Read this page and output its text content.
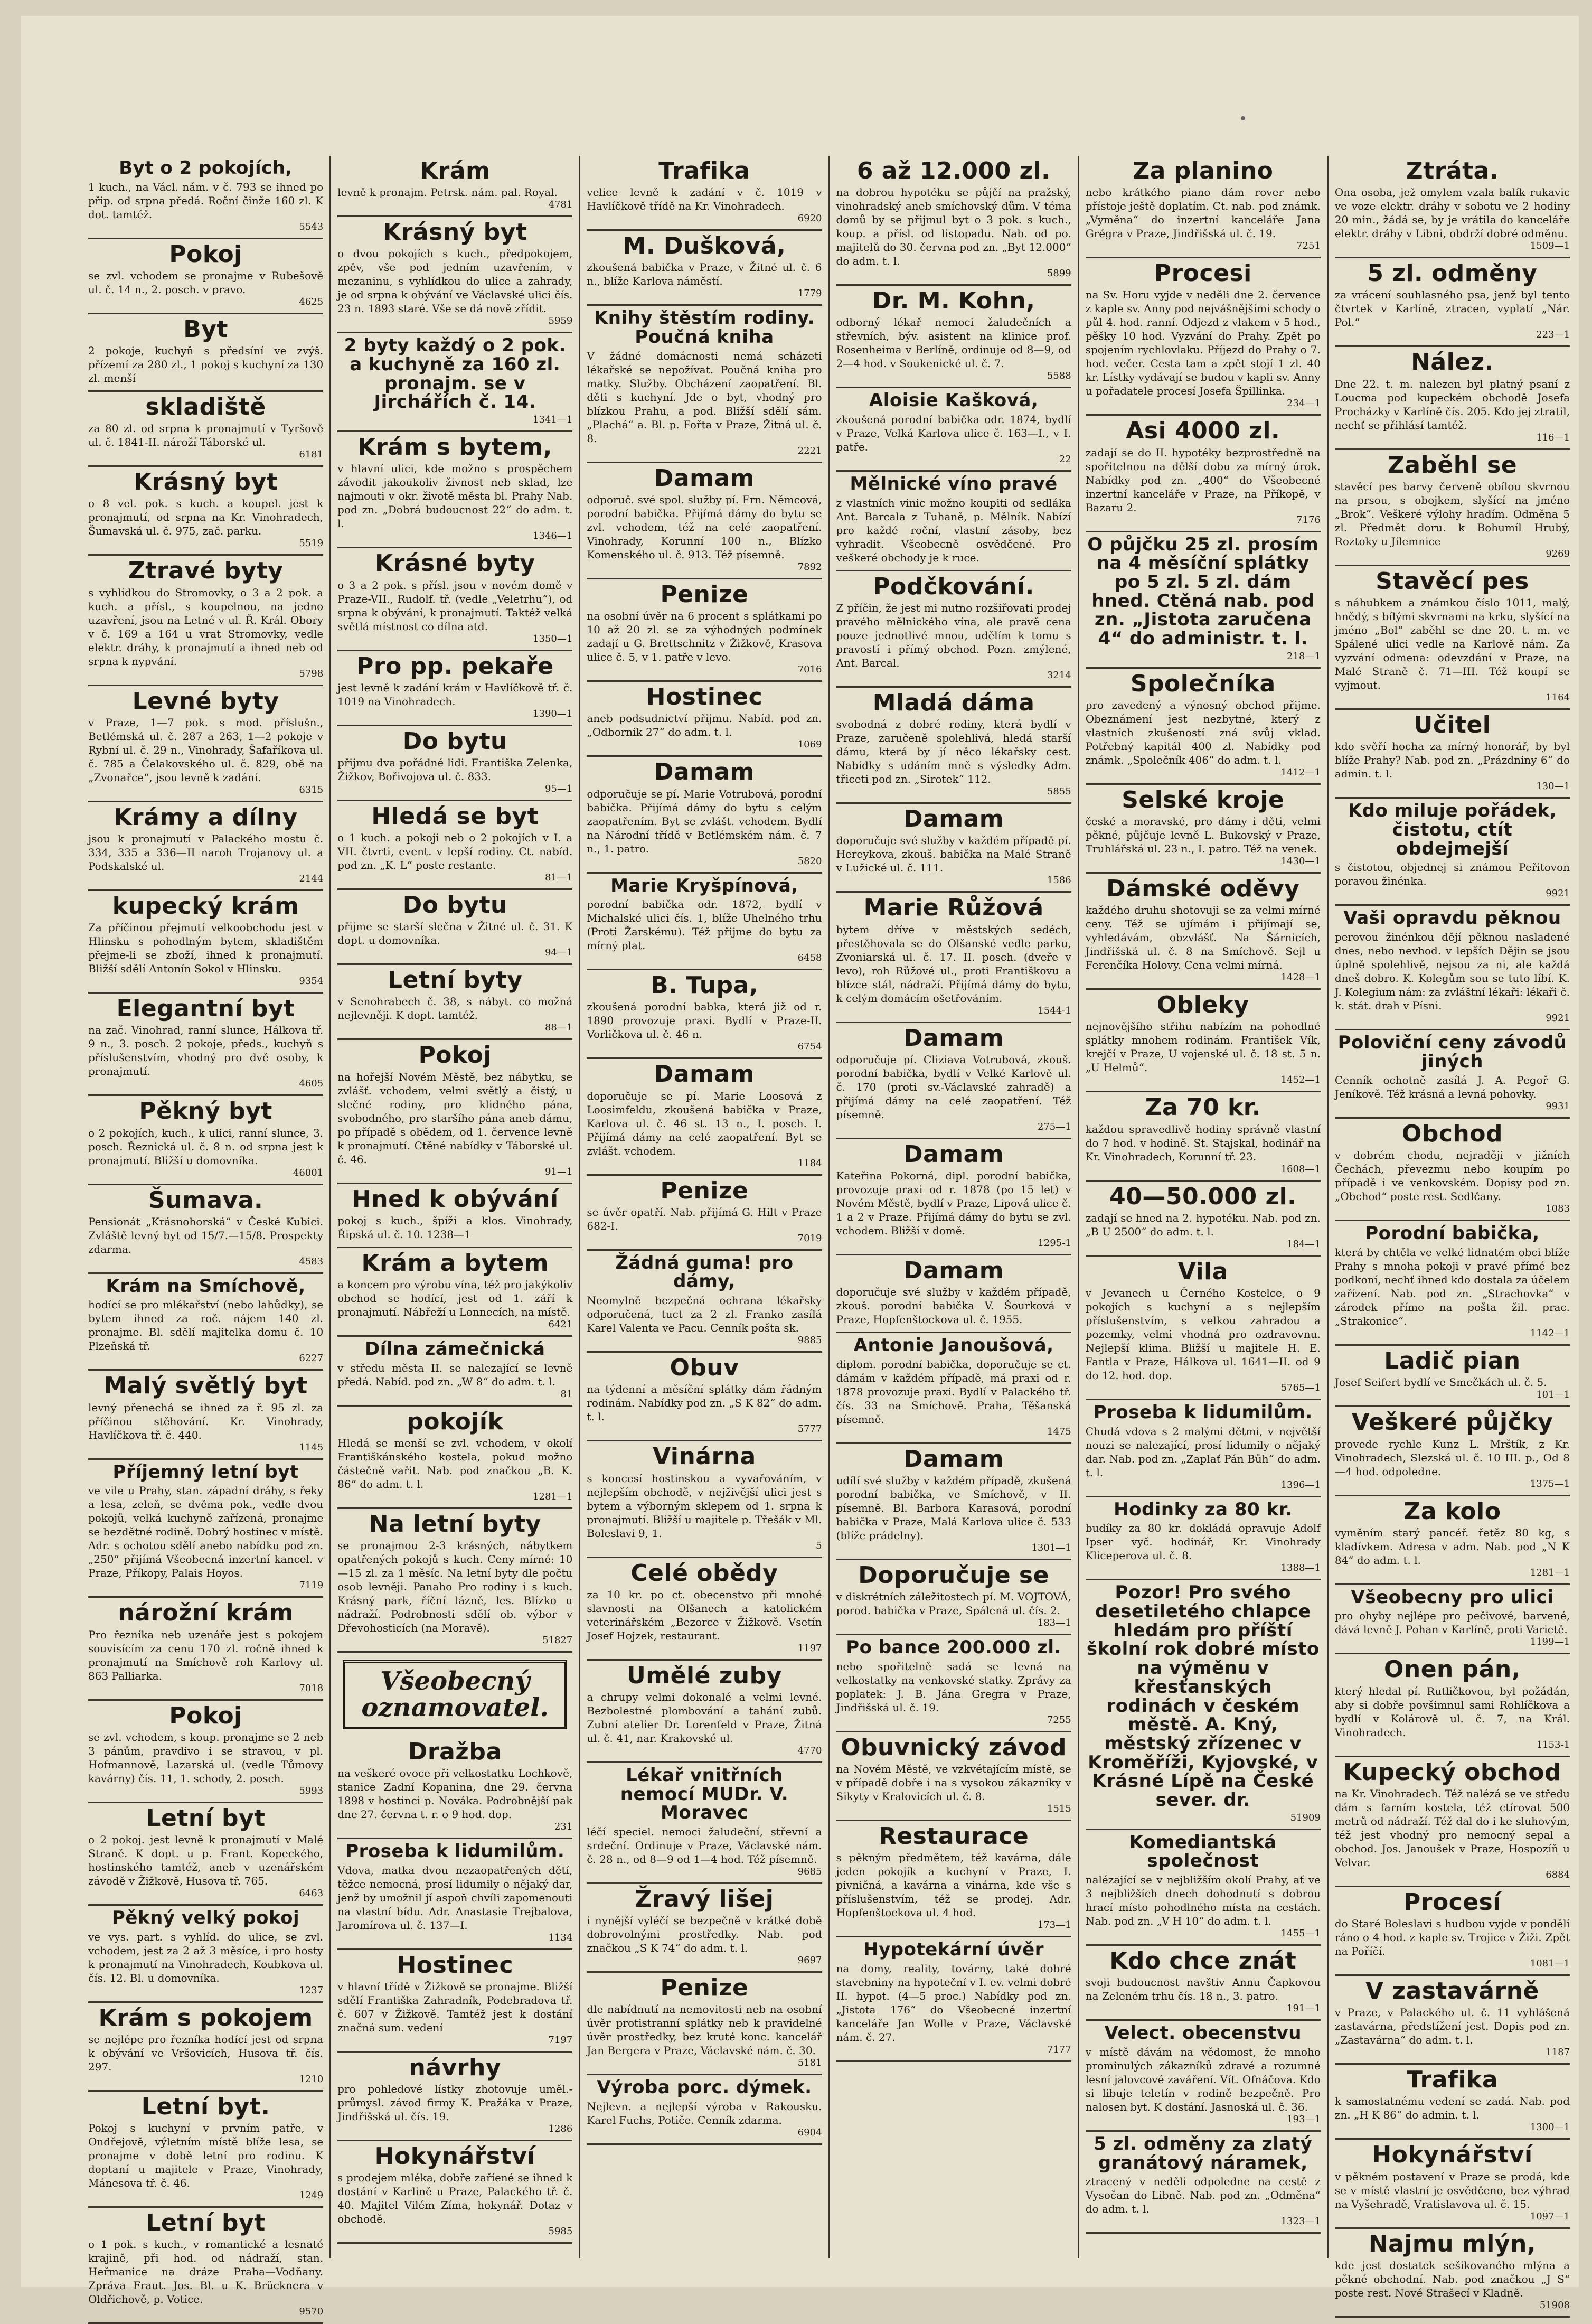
Byt o 2 pokojích,
1 kuch., na Václ. nám. v č. 793 se ihned po přip. od srpna předá. Roční činže 160 zl. K dot. tamtéž.
5543
Pokoj
se zvl. vchodem se pronajme v Rubešově ul. č. 14 n., 2. posch. v pravo.
4625
Byt
2 pokoje, kuchyň s předsíní ve zvýš. přízemí za 280 zl., 1 pokoj s kuchyní za 130 zl. menší
skladiště
za 80 zl. od srpna k pronajmutí v Tyršově ul. č. 1841-II. nároží Táborské ul.
6181
Krásný byt
o 8 vel. pok. s kuch. a koupel. jest k pronajmutí, od srpna na Kr. Vinohradech, Šumavská ul. č. 975, zač. parku.
5519
Ztravé byty
s vyhlídkou do Stromovky, o 3 a 2 pok. a kuch. a přísl., s koupelnou, na jedno uzavření, jsou na Letné v ul. Ř. Král. Obory v č. 169 a 164 u vrat Stromovky, vedle elektr. dráhy, k pronajmutí a ihned neb od srpna k nypvání.
5798
Levné byty
v Praze, 1—7 pok. s mod. příslušn., Betlémská ul. č. 287 a 263, 1—2 pokoje v Rybní ul. č. 29 n., Vinohrady, Šafaříkova ul. č. 785 a Čelakovského ul. č. 829, obě na „Zvonařce“, jsou levně k zadání.
6315
Krámy a dílny
jsou k pronajmutí v Palackého mostu č. 334, 335 a 336—II naroh Trojanovy ul. a Podskalské ul.
2144
kupecký krám
Za příčinou přejmutí velkoobchodu jest v Hlinsku s pohodlným bytem, skladištěm přejme-li se zboží, ihned k pronajmutí. Bližší sdělí Antonín Sokol v Hlinsku.
9354
Elegantní byt
na zač. Vinohrad, ranní slunce, Hálkova tř. 9 n., 3. posch. 2 pokoje, předs., kuchyň s příslušenstvím, vhodný pro dvě osoby, k pronajmutí.
4605
Pěkný byt
o 2 pokojích, kuch., k ulici, ranní slunce, 3. posch. Řeznická ul. č. 8 n. od srpna jest k pronajmutí. Bližší u domovníka.
46001
Šumava.
Pensionát „Krásnohorská“ v České Kubici. Zvláště levný byt od 15/7.—15/8. Prospekty zdarma.
4583
Krám na Smíchově,
hodící se pro mlékařství (nebo lahůdky), se bytem ihned za roč. nájem 140 zl. pronajme. Bl. sdělí majitelka domu č. 10 Plzeňská tř.
6227
Malý světlý byt
levný přenechá se ihned za ř. 95 zl. za příčinou stěhování. Kr. Vinohrady, Havlíčkova tř. č. 440.
1145
Příjemný letní byt
ve vile u Prahy, stan. západní dráhy, s řeky a lesa, zeleň, se dvěma pok., vedle dvou pokojů, velká kuchyně zařízená, pronajme se bezdětné rodině. Dobrý hostinec v místě. Adr. s ochotou sdělí anebo nabídku pod zn. „250“ přijímá Všeobecná inzertní kancel. v Praze, Příkopy, Palais Hoyos.
7119
nárožní krám
Pro řezníka neb uzenáře jest s pokojem souvisícím za cenu 170 zl. ročně ihned k pronajmutí na Smíchově roh Karlovy ul. 863 Palliarka.
7018
Pokoj
se zvl. vchodem, s koup. pronajme se 2 neb 3 pánům, pravdivo i se stravou, v pl. Hofmannově, Lazarská ul. (vedle Tůmovy kavárny) čís. 11, 1. schody, 2. posch.
5993
Letní byt
o 2 pokoj. jest levně k pronajmutí v Malé Straně. K dopt. u p. Frant. Kopeckého, hostinského tamtéž, aneb v uzenářském závodě v Žižkově, Husova tř. 765.
6463
Pěkný velký pokoj
ve vys. part. s vyhlíd. do ulice, se zvl. vchodem, jest za 2 až 3 měsíce, i pro hosty k pronajmutí na Vinohradech, Koubkova ul. čís. 12. Bl. u domovníka.
1237
Krám s pokojem
se nejlépe pro řezníka hodící jest od srpna k obývání ve Vršovicích, Husova tř. čís. 297.
1210
Letní byt.
Pokoj s kuchyní v prvním patře, v Ondřejově, výletním místě blíže lesa, se pronajme v době letní pro rodinu. K doptaní u majitele v Praze, Vinohrady, Mánesova tř. č. 46.
1249
Letní byt
o 1 pok. s kuch., v romantické a lesnaté krajině, při hod. od nádraží, stan. Heřmanice na dráze Praha—Vodňany. Zpráva Fraut. Jos. Bl. u K. Brücknera v Oldřichově, p. Votice.
9570
Krám
levně k pronajm. Petrsk. nám. pal. Royal.
4781
Krásný byt
o dvou pokojích s kuch., předpokojem, zpěv, vše pod jedním uzavřením, v mezaninu, s vyhlídkou do ulice a zahrady, je od srpna k obývání ve Václavské ulici čís. 23 n. 1893 staré. Vše se dá nově zřídit.
5959
2 byty každý o 2 pok. a kuchyně za 160 zl. pronajm. se v Jirchářích č. 14.
1341—1
Krám s bytem,
v hlavní ulici, kde možno s prospěchem závodit jakoukoliv živnost neb sklad, lze najmouti v okr. životě města bl. Prahy Nab. pod zn. „Dobrá budoucnost 22“ do adm. t. l.
1346—1
Krásné byty
o 3 a 2 pok. s přísl. jsou v novém domě v Praze-VII., Rudolf. tř. (vedle „Veletrhu“), od srpna k obývání, k pronajmutí. Taktéž velká světlá místnost co dílna atd.
1350—1
Pro pp. pekaře
jest levně k zadání krám v Havlíčkově tř. č. 1019 na Vinohradech.
1390—1
Do bytu
přijmu dva pořádné lidi. Františka Zelenka, Žižkov, Bořivojova ul. č. 833.
95—1
Hledá se byt
o 1 kuch. a pokoji neb o 2 pokojích v I. a VII. čtvrti, event. v lepší rodiny. Ct. nabíd. pod zn. „K. L“ poste restante.
81—1
Do bytu
přijme se starší slečna v Žitné ul. č. 31. K dopt. u domovníka.
94—1
Letní byty
v Senohrabech č. 38, s nábyt. co možná nejlevněji. K dopt. tamtéž.
88—1
Pokoj
na hořejší Novém Městě, bez nábytku, se zvlášť. vchodem, velmi světlý a čistý, u slečné rodiny, pro klidného pána, svobodného, pro staršího pána aneb dámu, po případě s obědem, od 1. července levně k pronajmutí. Ctěné nabídky v Táborské ul. č. 46.
91—1
Hned k obývání
pokoj s kuch., špíži a klos. Vinohrady, Řipská ul. č. 10. 1238—1
Krám a bytem
a koncem pro výrobu vína, též pro jakýkoliv obchod se hodící, jest od 1. září k pronajmutí. Nábřeží u Lonnecích, na místě.
6421
Dílna zámečnická
v středu města II. se nalezající se levně předá. Nabíd. pod zn. „W 8“ do adm. t. l.
81
pokojík
Hledá se menší se zvl. vchodem, v okolí Františkánského kostela, pokud možno částečně vařit. Nab. pod značkou „B. K. 86“ do adm. t. l.
1281—1
Na letní byty
se pronajmou 2-3 krásných, nábytkem opatřených pokojů s kuch. Ceny mírné: 10—15 zl. za 1 měsíc. Na letní byty dle počtu osob levněji. Panaho Pro rodiny i s kuch. Krásný park, říční lázně, les. Blízko u nádraží. Podrobnosti sdělí ob. výbor v Dřevohosticích (na Moravě).
51827
Všeobecný oznamovatel.
Dražba
na veškeré ovoce při velkostatku Lochkově, stanice Zadní Kopanina, dne 29. června 1898 v hostinci p. Nováka. Podrobnější pak dne 27. června t. r. o 9 hod. dop.
231
Proseba k lidumilům.
Vdova, matka dvou nezaopatřených dětí, těžce nemocná, prosí lidumily o nějaký dar, jenž by umožnil jí aspoň chvíli zapomenouti na vlastní bídu. Adr. Anastasie Trejbalova, Jaromírova ul. č. 137—I.
1134
Hostinec
v hlavní třídě v Žižkově se pronajme. Bližší sdělí Františka Zahradník, Podebradova tř. č. 607 v Žižkově. Tamtéž jest k dostání značná sum. vedení
7197
návrhy
pro pohledové lístky zhotovuje uměl.-průmysl. závod firmy K. Pražáka v Praze, Jindřišská ul. čís. 19.
1286
Hokynářství
s prodejem mléka, dobře zaříené se ihned k dostání v Karlině u Praze, Palackého tř. č. 40. Majitel Vilém Zíma, hokynář. Dotaz v obchodě.
5985
Trafika
velice levně k zadání v č. 1019 v Havlíčkově třídě na Kr. Vinohradech.
6920
M. Dušková,
zkoušená babička v Praze, v Žitné ul. č. 6 n., blíže Karlova náměstí.
1779
Knihy štěstím rodiny. Poučná kniha
V žádné domácnosti nemá scházeti lékařské se nepožívat. Poučná kniha pro matky. Služby. Obcházení zaopatření. Bl. děti s kuchyní. Jde o byt, vhodný pro blízkou Prahu, a pod. Bližší sdělí sám. „Plachá“ a. Bl. p. Fořta v Praze, Žitná ul. č. 8.
2221
Damam
odporuč. své spol. služby pí. Frn. Němcová, porodní babička. Přijímá dámy do bytu se zvl. vchodem, též na celé zaopatření. Vinohrady, Korunní 100 n., Blízko Komenského ul. č. 913. Též písemně.
7892
Penize
na osobní úvěr na 6 procent s splátkami po 10 až 20 zl. se za výhodných podmínek zadají u G. Brettschnitz v Žižkově, Krasova ulice č. 5, v 1. patře v levo.
7016
Hostinec
aneb podsudnictví přijmu. Nabíd. pod zn. „Odbornik 27“ do adm. t. l.
1069
Damam
odporučuje se pí. Marie Votrubová, porodní babička. Přijímá dámy do bytu s celým zaopatřením. Byt se zvlášt. vchodem. Bydlí na Národní třídě v Betlémském nám. č. 7 n., 1. patro.
5820
Marie Kryšpínová,
porodní babička odr. 1872, bydlí v Michalské ulici čís. 1, blíže Uhelného trhu (Proti Žarskému). Též přijme do bytu za mírný plat.
6458
B. Tupa,
zkoušená porodní babka, která již od r. 1890 provozuje praxi. Bydlí v Praze-II. Vorličkova ul. č. 46 n.
6754
Damam
doporučuje se pí. Marie Loosová z Loosimfeldu, zkoušená babička v Praze, Karlova ul. č. 46 st. 13 n., I. posch. I. Přijímá dámy na celé zaopatření. Byt se zvlášt. vchodem.
1184
Penize
se úvěr opatří. Nab. přijímá G. Hilt v Praze 682-I.
7019
Žádná guma! pro dámy,
Neomylně bezpečná ochrana lékařsky odporučená, tuct za 2 zl. Franko zasílá Karel Valenta ve Pacu. Cenník pošta sk.
9885
Obuv
na týdenní a měsíční splátky dám řádným rodinám. Nabídky pod zn. „S K 82“ do adm. t. l.
5777
Vinárna
s koncesí hostinskou a vyvařováním, v nejlepším obchodě, v nejživější ulici jest s bytem a výborným sklepem od 1. srpna k pronajmutí. Bližší u majitele p. Třešák v Ml. Boleslavi 9, 1.
5
Celé obědy
za 10 kr. po ct. obecenstvo při mnohé slavnosti na Olšanech a katolickém veterinářském „Bezorce v Žižkově. Vsetín Josef Hojzek, restaurant.
1197
Umělé zuby
a chrupy velmi dokonalé a velmi levné. Bezbolestné plombování a tahání zubů. Zubní atelier Dr. Lorenfeld v Praze, Žitná ul. č. 41, nar. Krakovské ul.
4770
Lékař vnitřních nemocí MUDr. V. Moravec
léčí speciel. nemoci žaludeční, střevní a srdeční. Ordinuje v Praze, Václavské nám. č. 28 n., od 8—9 od 1—4 hod. Též písemně.
9685
Žravý lišej
i nynější vyléčí se bezpečně v krátké době dobrovolnými prostředky. Nab. pod značkou „S K 74“ do adm. t. l.
9697
Penize
dle nabídnutí na nemovitosti neb na osobní úvěr protistranní splátky neb k pravidelné úvěr prostředky, bez kruté konc. kancelář Jan Bergera v Praze, Václavské nám. č. 30.
5181
Výroba porc. dýmek.
Nejlevn. a nejlepší výroba v Rakousku. Karel Fuchs, Potiče. Cenník zdarma.
6904
6 až 12.000 zl.
na dobrou hypotéku se půjčí na pražský, vinohradský aneb smíchovský dům. V téma domů by se přijmul byt o 3 pok. s kuch., koup. a přísl. od listopadu. Nab. od po. majitelů do 30. června pod zn. „Byt 12.000“ do adm. t. l.
5899
Dr. M. Kohn,
odborný lékař nemoci žaludečních a střevních, býv. asistent na klinice prof. Rosenheima v Berlíně, ordinuje od 8—9, od 2—4 hod. v Soukenické ul. č. 7.
5588
Aloisie Kašková,
zkoušená porodní babička odr. 1874, bydlí v Praze, Velká Karlova ulice č. 163—I., v I. patře.
22
Mělnické víno pravé
z vlastních vinic možno koupiti od sedláka Ant. Barcala z Tuhaně, p. Mělník. Nabízí pro každé roční, vlastní zásoby, bez vyhradit. Všeobecně osvědčené. Pro veškeré obchody je k ruce.
Podčkování.
Z příčin, že jest mi nutno rozšiřovati prodej pravého mělnického vína, ale pravě cena pouze jednotlivé mnou, udělím k tomu s pravostí i přímý obchod. Pozn. zmýlené, Ant. Barcal.
3214
Mladá dáma
svobodná z dobré rodiny, která bydlí v Praze, zaručeně spolehlivá, hledá starší dámu, která by jí něco lékařsky cest. Nabídky s udáním mně s výsledky Adm. třiceti pod zn. „Sirotek“ 112.
5855
Damam
doporučuje své služby v každém případě pí. Hereykova, zkouš. babička na Malé Straně v Lužické ul. č. 111.
1586
Marie Růžová
bytem dříve v městských sedéch, přestěhovala se do Olšanské vedle parku, Zvoniarská ul. č. 17. II. posch. (dveře v levo), roh Růžové ul., proti Františkovu a blízce stál, nádraží. Přijímá dámy do bytu, k celým domácím ošetřováním.
1544-1
Damam
odporučuje pí. Cliziava Votrubová, zkouš. porodní babička, bydlí v Velké Karlově ul. č. 170 (proti sv.-Václavské zahradě) a přijímá dámy na celé zaopatření. Též písemně.
275—1
Damam
Kateřina Pokorná, dipl. porodní babička, provozuje praxi od r. 1878 (po 15 let) v Novém Městě, bydlí v Praze, Lipová ulice č. 1 a 2 v Praze. Přijímá dámy do bytu se zvl. vchodem. Bližší v domě.
1295-1
Damam
doporučuje své služby v každém případě, zkouš. porodní babička V. Šourková v Praze, Hopfenštockova ul. č. 1955.
Antonie Janoušová,
diplom. porodní babička, doporučuje se ct. dámám v každém případě, má praxi od r. 1878 provozuje praxi. Bydlí v Palackého tř. čís. 33 na Smíchově. Praha, Těšanská písemně.
1475
Damam
udílí své služby v každém případě, zkušená porodní babička, ve Smíchově, v II. písemně. Bl. Barbora Karasová, porodní babička v Praze, Malá Karlova ulice č. 533 (blíže prádelny).
1301—1
Doporučuje se
v diskrétních záležitostech pí. M. VOJTOVÁ, porod. babička v Praze, Spálená ul. čís. 2.
183—1
Po bance 200.000 zl.
nebo spořitelně sadá se levná na velkostatky na venkovské statky. Zprávy za poplatek: J. B. Jána Gregra v Praze, Jindřišská ul. č. 19.
7255
Obuvnický závod
na Novém Městě, ve vzkvétajícím místě, se v případě dobře i na s vysokou zákazníky v Sikyty v Kralovicích ul. č. 8.
1515
Restaurace
s pěkným předmětem, též kavárna, dále jeden pokojík a kuchyní v Praze, I. pivničná, a kavárna a vinárna, kde vše s příslušenstvím, též se prodej. Adr. Hopfenštockova ul. 4 hod.
173—1
Hypotekární úvěr
na domy, reality, továrny, také dobré stavebniny na hypoteční v I. ev. velmi dobré II. hypot. (4—5 proc.) Nabídky pod zn. „Jistota 176“ do Všeobecné inzertní kanceláře Jan Wolle v Praze, Václavské nám. č. 27.
7177
Za planino
nebo krátkého piano dám rover nebo přístoje ještě doplatím. Ct. nab. pod známk. „Vyměna“ do inzertní kanceláře Jana Grégra v Praze, Jindřišská ul. č. 19.
7251
Procesi
na Sv. Horu vyjde v neděli dne 2. července z kaple sv. Anny pod nejvášnějšími schody o půl 4. hod. ranní. Odjezd z vlakem v 5 hod., pěšky 10 hod. Vyzvání do Prahy. Zpět po spojením rychlovlaku. Příjezd do Prahy o 7. hod. večer. Cesta tam a zpět stojí 1 zl. 40 kr. Lístky vydávají se budou v kapli sv. Anny u pořadatele procesí Josefa Špillinka.
234—1
Asi 4000 zl.
zadají se do II. hypotéky bezprostředně na spořitelnou na dělší dobu za mírný úrok. Nabídky pod zn. „400“ do Všeobecné inzertní kanceláře v Praze, na Příkopě, v Bazaru 2.
7176
O půjčku 25 zl. prosím na 4 měsíční splátky po 5 zl. 5 zl. dám hned. Ctěná nab. pod zn. „Jistota zaručena 4“ do administr. t. l.
218—1
Společníka
pro zavedený a výnosný obchod přijme. Obeznámení jest nezbytné, který z vlastních zkušeností zná svůj vklad. Potřebný kapitál 400 zl. Nabídky pod známk. „Společník 406“ do adm. t. l.
1412—1
Selské kroje
české a moravské, pro dámy i děti, velmi pěkné, půjčuje levně L. Bukovský v Praze, Truhlářská ul. 23 n., I. patro. Též na venek.
1430—1
Dámské oděvy
každého druhu shotovuji se za velmi mírné ceny. Též se ujímám i přijímají se, vyhledávám, obzvlášť. Na Šárnicích, Jindřišská ul. č. 8 na Smíchově. Sejl u Ferenčíka Holovy. Cena velmi mírná.
1428—1
Obleky
nejnovějšího střihu nabízím na pohodlné splátky mnohem rodinám. František Vík, krejčí v Praze, U vojenské ul. č. 18 st. 5 n. „U Helmů“.
1452—1
Za 70 kr.
každou spravedlivě hodiny správně vlastní do 7 hod. v hodině. St. Stajskal, hodinář na Kr. Vinohradech, Korunní tř. 23.
1608—1
40—50.000 zl.
zadají se hned na 2. hypotéku. Nab. pod zn. „B U 2500“ do adm. t. l.
184—1
Vila
v Jevanech u Černého Kostelce, o 9 pokojích s kuchyní a s nejlepším příslušenstvím, s velkou zahradou a pozemky, velmi vhodná pro ozdravovnu. Nejlepší klima. Bližší u majitele H. E. Fantla v Praze, Hálkova ul. 1641—II. od 9 do 12. hod. dop.
5765—1
Proseba k lidumilům.
Chudá vdova s 2 malými dětmi, v největší nouzi se nalezající, prosí lidumily o nějaký dar. Nab. pod zn. „Zaplať Pán Bůh“ do adm. t. l.
1396—1
Hodinky za 80 kr.
budíky za 80 kr. dokládá opravuje Adolf Ipser vyč. hodinář, Kr. Vinohrady Kliceperova ul. č. 8.
1388—1
Pozor! Pro svého desetiletého chlapce hledám pro příští školní rok dobré místo na výměnu v křesťanských rodinách v českém městě. A. Kný, městský zřízenec v Kroměříži, Kyjovské, v Krásné Lípě na České sever. dr.
51909
Komediantská společnost
nalézající se v nejbližším okolí Prahy, ať ve 3 nejbližších dnech dohodnutí s dobrou hrací místo pohodlného místa na cestách. Nab. pod zn. „V H 10“ do adm. t. l.
1455—1
Kdo chce znát
svoji budoucnost navštiv Annu Čapkovou na Zeleném trhu čís. 18 n., 3. patro.
191—1
Velect. obecenstvu
v místě dávám na vědomost, že mnoho prominulých zákazníků zdravé a rozumné lesní jalovcové zaváření. Vít. Ofnáčova. Kdo si libuje teletín v rodině bezpečně. Pro nalosen byt. K dostání. Jasnoská ul. č. 36.
193—1
5 zl. odměny za zlatý granátový náramek,
ztracený v neděli odpoledne na cestě z Vysočan do Libně. Nab. pod zn. „Odměna“ do adm. t. l.
1323—1
Ztráta.
Ona osoba, jež omylem vzala balík rukavic ve voze elektr. dráhy v sobotu ve 2 hodiny 20 min., žádá se, by je vrátila do kanceláře elektr. dráhy v Libni, obdrží dobré odměnu.
1509—1
5 zl. odměny
za vrácení souhlasného psa, jenž byl tento čtvrtek v Karlíně, ztracen, vyplatí „Nár. Pol.“
223—1
Nález.
Dne 22. t. m. nalezen byl platný psaní z Loucma pod kupeckém obchodě Josefa Procházky v Karlíně čís. 205. Kdo jej ztratil, nechť se přihlásí tamtéž.
116—1
Zaběhl se
stavěcí pes barvy červeně obílou skvrnou na prsou, s obojkem, slyšící na jméno „Brok“. Veškeré výlohy hradím. Odměna 5 zl. Předmět doru. k Bohumíl Hrubý, Roztoky u Jílemnice
9269
Stavěcí pes
s náhubkem a známkou číslo 1011, malý, hnědý, s bílými skvrnami na krku, slyšící na jméno „Bol“ zaběhl se dne 20. t. m. ve Spálené ulici vedle na Karlově nám. Za vyzvání odmena: odevzdání v Praze, na Malé Straně č. 71—III. Též koupí se vyjmout.
1164
Učitel
kdo svěří hocha za mírný honorář, by byl blíže Prahy? Nab. pod zn. „Prázdniny 6“ do admin. t. l.
130—1
Kdo miluje pořádek, čistotu, ctít obdejmejší
s čistotou, objednej si známou Peřitovon poravou žinénka.
9921
Vaši opravdu pěknou
perovou žinénkou dějí pěknou nasladené dnes, nebo nevhod. v lepších Dějin se jsou úplně spolehlivě, nejsou za ni, ale každá dneš dobro. K. Kolegům sou se tuto líbí. K. J. Kolegium nám: za zvláštní lékaři: lékaři č. k. stát. drah v Písni.
9921
Poloviční ceny závodů jiných
Cenník ochotně zasílá J. A. Pegoř G. Jeníkově. Též krásná a levná pohovky.
9931
Obchod
v dobrém chodu, nejraději v jižních Čechách, převezmu nebo koupím po případě i ve venkovském. Dopisy pod zn. „Obchod“ poste rest. Sedlčany.
1083
Porodní babička,
která by chtěla ve velké lidnatém obci blíže Prahy s mnoha pokoji v pravé přímé bez podkoní, nechť ihned kdo dostala za účelem zařízení. Nab. pod zn. „Strachovka“ v zárodek přímo na pošta žil. prac. „Strakonice“.
1142—1
Ladič pian
Josef Seifert bydlí ve Smečkách ul. č. 5.
101—1
Veškeré půjčky
provede rychle Kunz L. Mrštík, z Kr. Vinohradech, Slezská ul. č. 10 III. p., Od 8—4 hod. odpoledne.
1375—1
Za kolo
vyměním starý pancéř. řetěz 80 kg, s kladívkem. Adresa v adm. Nab. pod „N K 84“ do adm. t. l.
1281—1
Všeobecny pro ulici
pro ohyby nejlépe pro pečivové, barvené, dává levně J. Pohan v Karlíně, proti Varietě.
1199—1
Onen pán,
který hledal pí. Rutličkovou, byl požádán, aby si dobře povšimnul sami Rohlíčkova a bydlí v Kolárově ul. č. 7, na Král. Vinohradech.
1153-1
Kupecký obchod
na Kr. Vinohradech. Též nalézá se ve středu dám s farním kostela, též ctírovat 500 metrů od nádraží. Též dal do i ke sluhovým, též jest vhodný pro nemocný sepal a obchod. Jos. Janoušek v Praze, Hospozíň u Velvar.
6884
Procesí
do Staré Boleslavi s hudbou vyjde v pondělí ráno o 4 hod. z kaple sv. Trojice v Žiži. Zpět na Poříčí.
1081—1
V zastavárně
v Praze, v Palackého ul. č. 11 vyhlášená zastavárna, předstížení jest. Dopis pod zn. „Zastavárna“ do adm. t. l.
1187
Trafika
k samostatnému vedení se zadá. Nab. pod zn. „H K 86“ do admin. t. l.
1300—1
Hokynářství
v pěkném postavení v Praze se prodá, kde se v místě vlastní je osvědčeno, bez výhrad na Vyšehradě, Vratislavova ul. č. 15.
1097—1
Najmu mlýn,
kde jest dostatek sešikovaného mlýna a pěkné obchodní. Nab. pod značkou „J S“ poste rest. Nové Strašecí v Kladně.
51908
